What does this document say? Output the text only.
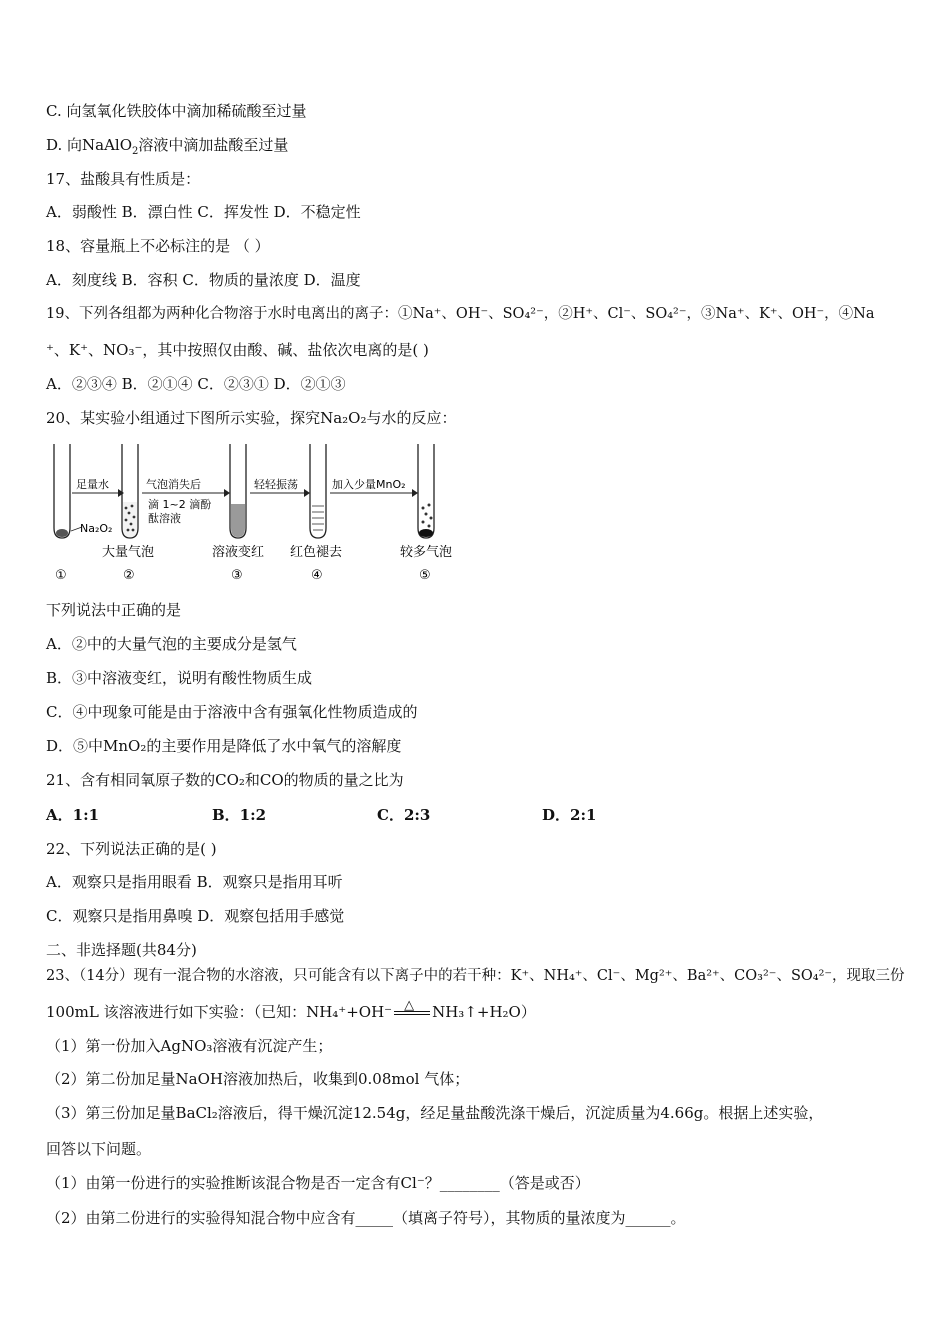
C. 向氢氧化铁胶体中滴加稀硫酸至过量
D. 向NaAlO$_2$溶液中滴加盐酸至过量
17、盐酸具有性质是：
A．弱酸性 B．漂白性 C．挥发性 D．不稳定性
18、容量瓶上不必标注的是 （ ）
A．刻度线 B．容积 C．物质的量浓度 D．温度
19、下列各组都为两种化合物溶于水时电离出的离子：①Na⁺、OH⁻、SO₄²⁻，②H⁺、Cl⁻、SO₄²⁻，③Na⁺、K⁺、OH⁻，④Na
⁺、K⁺、NO₃⁻，其中按照仅由酸、碱、盐依次电离的是( )
A．②③④ B．②①④ C．②③① D．②①③
20、某实验小组通过下图所示实验，探究Na₂O₂与水的反应：
Na₂O₂
足量水	气泡消失后
滴 1~2 滴酚
酞溶液
轻轻振荡	加入少量MnO₂
大量气泡	溶液变红 红色褪去	较多气泡
①	②	③	④	⑤
下列说法中正确的是
A．②中的大量气泡的主要成分是氢气
B．③中溶液变红，说明有酸性物质生成
C．④中现象可能是由于溶液中含有强氧化性物质造成的
D．⑤中MnO₂的主要作用是降低了水中氧气的溶解度
21、含有相同氧原子数的CO₂和CO的物质的量之比为
A．1:1	B．1:2	C．2:3	D．2:1
22、下列说法正确的是( )
A．观察只是指用眼看 B．观察只是指用耳听
C．观察只是指用鼻嗅 D．观察包括用手感觉
二、非选择题(共84分)
23、（14分）现有一混合物的水溶液，只可能含有以下离子中的若干种：K⁺、NH₄⁺、Cl⁻、Mg²⁺、Ba²⁺、CO₃²⁻、SO₄²⁻，现取三份
100mL 该溶液进行如下实验：（已知：NH₄⁺+OH⁻ △ NH₃↑+H₂O）
（1）第一份加入AgNO₃溶液有沉淀产生；
（2）第二份加足量NaOH溶液加热后，收集到0.08mol 气体；
（3）第三份加足量BaCl₂溶液后，得干燥沉淀12.54g，经足量盐酸洗涤干燥后，沉淀质量为4.66g。根据上述实验，
回答以下问题。
（1）由第一份进行的实验推断该混合物是否一定含有Cl⁻？________（答是或否）
（2）由第二份进行的实验得知混合物中应含有_____（填离子符号），其物质的量浓度为______。
